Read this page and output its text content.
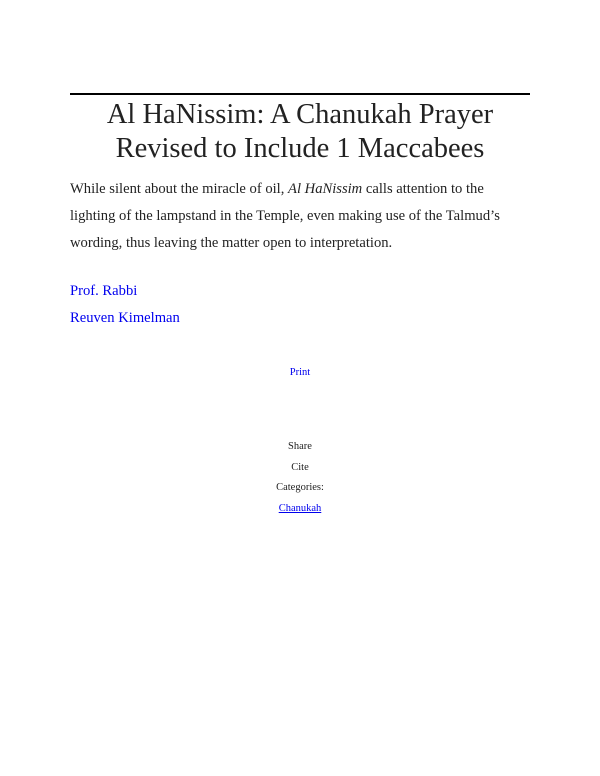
Al HaNissim: A Chanukah Prayer
Revised to Include 1 Maccabees

While silent about the miracle of oil, Al HaNissim calls attention to the lighting of the lampstand in the Temple, even making use of the Talmud’s wording, thus leaving the matter open to interpretation.

Prof. Rabbi
Reuven Kimelman
Print
Share
Cite
Categories:
Chanukah
